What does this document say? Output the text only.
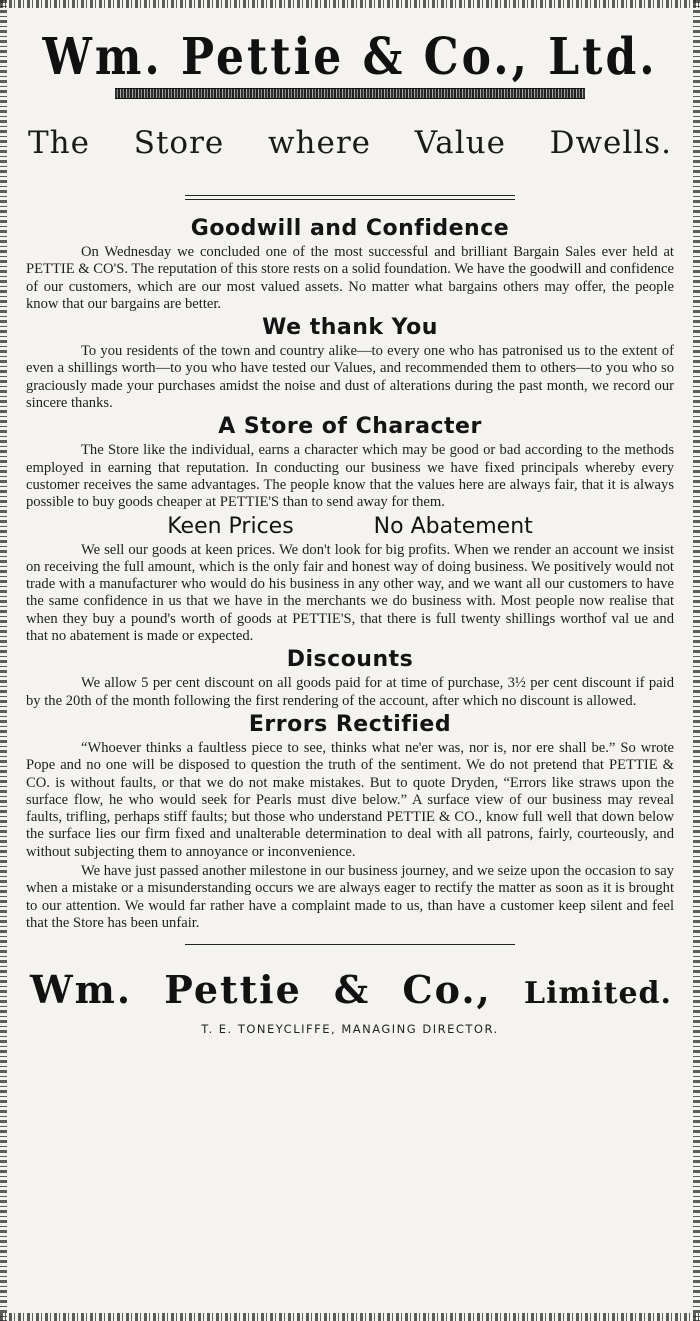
Wm. Pettie & Co., Ltd.
The Store where Value Dwells.
Goodwill and Confidence

On Wednesday we concluded one of the most successful and brilliant Bargain Sales ever held at PETTIE & CO'S. The reputation of this store rests on a solid foundation. We have the goodwill and confidence of our customers, which are our most valued assets. No matter what bargains others may offer, the people know that our bargains are better.

We thank You

To you residents of the town and country alike—to every one who has patronised us to the extent of even a shillings worth—to you who have tested our Values, and recommended them to others—to you who so graciously made your purchases amidst the noise and dust of alterations during the past month, we record our sincere thanks.

A Store of Character

The Store like the individual, earns a character which may be good or bad according to the methods employed in earning that reputation. In conducting our business we have fixed principals whereby every customer receives the same advantages. The people know that the values here are always fair, that it is always possible to buy goods cheaper at PETTIE'S than to send away for them.

Keen Prices	No Abatement

We sell our goods at keen prices. We don't look for big profits. When we render an account we insist on receiving the full amount, which is the only fair and honest way of doing business. We positively would not trade with a manufacturer who would do his business in any other way, and we want all our customers to have the same confidence in us that we have in the merchants we do business with. Most people now realise that when they buy a pound's worth of goods at PETTIE'S, that there is full twenty shillings worthof val ue and that no abatement is made or expected.

Discounts

We allow 5 per cent discount on all goods paid for at time of purchase, 3½ per cent discount if paid by the 20th of the month following the first rendering of the account, after which no discount is allowed.

Errors Rectified

“Whoever thinks a faultless piece to see, thinks what ne'er was, nor is, nor ere shall be.” So wrote Pope and no one will be disposed to question the truth of the sentiment. We do not pretend that PETTIE & CO. is without faults, or that we do not make mistakes. But to quote Dryden, “Errors like straws upon the surface flow, he who would seek for Pearls must dive below.” A surface view of our business may reveal faults, trifling, perhaps stiff faults; but those who understand PETTIE & CO., know full well that down below the surface lies our firm fixed and unalterable determination to deal with all patrons, fairly, courteously, and without subjecting them to annoyance or inconvenience.

We have just passed another milestone in our business journey, and we seize upon the occasion to say when a mistake or a misunderstanding occurs we are always eager to rectify the matter as soon as it is brought to our attention. We would far rather have a complaint made to us, than have a customer keep silent and feel that the Store has been unfair.

Wm. Pettie & Co., Limited.
T. E. TONEYCLIFFE, MANAGING DIRECTOR.
